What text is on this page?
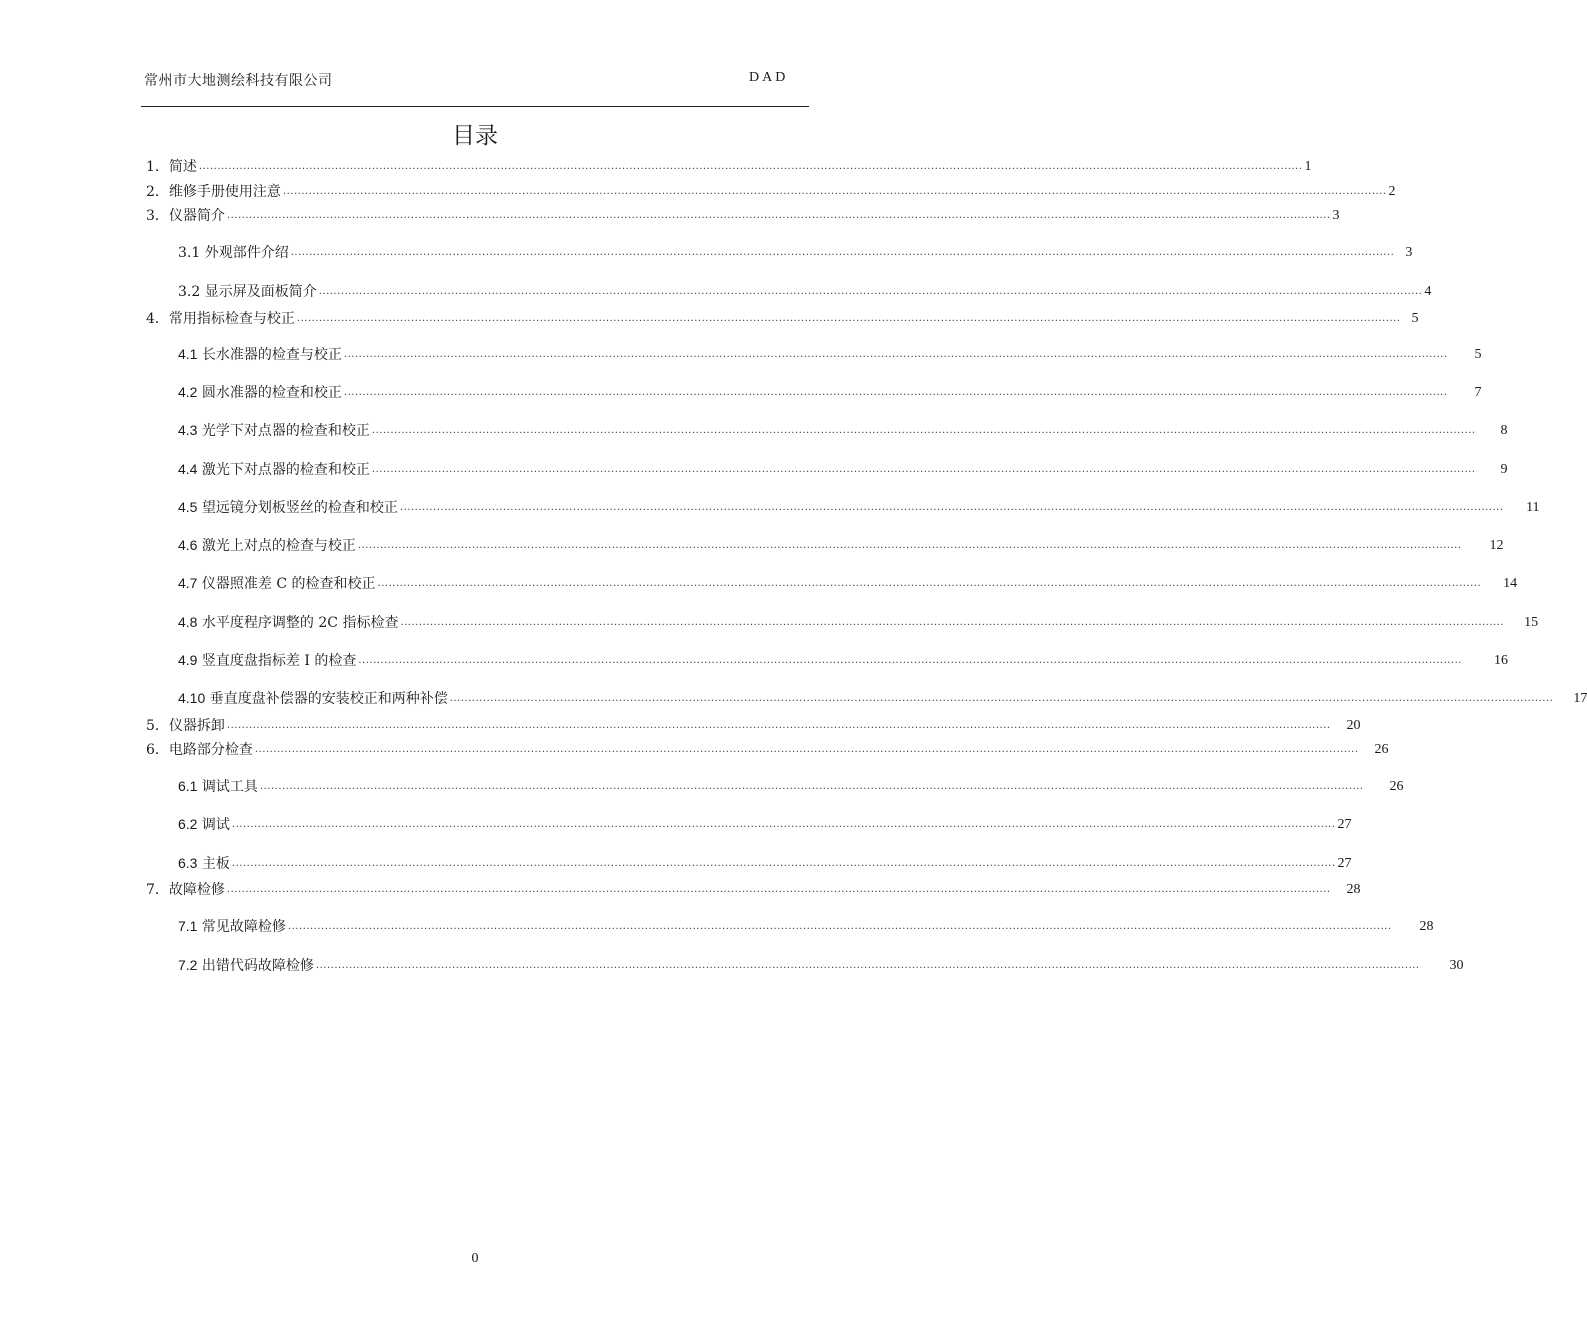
常州市大地测绘科技有限公司	DAD
目录
1．简述 ............................................................................................................................................................................................................................................................................................................ 1
2．维修手册使用注意 ............................................................................................................................................................................................................................................................................................................ 2
3．仪器简介 ............................................................................................................................................................................................................................................................................................................ 3
3.1 外观部件介绍 ............................................................................................................................................................................................................................................................................................................ 3
3.2 显示屏及面板简介 ............................................................................................................................................................................................................................................................................................................ 4
4．常用指标检查与校正 ............................................................................................................................................................................................................................................................................................................ 5
4.1 长水准器的检查与校正 ............................................................................................................................................................................................................................................................................................................	5
4.2 圆水准器的检查和校正 ............................................................................................................................................................................................................................................................................................................	7
4.3 光学下对点器的检查和校正 ............................................................................................................................................................................................................................................................................................................	8
4.4 激光下对点器的检查和校正 ............................................................................................................................................................................................................................................................................................................	9
4.5 望远镜分划板竖丝的检查和校正 ............................................................................................................................................................................................................................................................................................................	11
4.6 激光上对点的检查与校正 ............................................................................................................................................................................................................................................................................................................	12
4.7 仪器照准差 C 的检查和校正 ............................................................................................................................................................................................................................................................................................................	14
4.8 水平度程序调整的 2C 指标检查 ............................................................................................................................................................................................................................................................................................................	15
4.9 竖直度盘指标差 I 的检查 ............................................................................................................................................................................................................................................................................................................	16
4.10 垂直度盘补偿器的安装校正和两种补偿 ............................................................................................................................................................................................................................................................................................................	17
5．仪器拆卸 ............................................................................................................................................................................................................................................................................................................	20
6．电路部分检查 ............................................................................................................................................................................................................................................................................................................	26
6.1 调试工具 ............................................................................................................................................................................................................................................................................................................	26
6.2 调试 ............................................................................................................................................................................................................................................................................................................ 27
6.3 主板 ............................................................................................................................................................................................................................................................................................................ 27
7．故障检修 ............................................................................................................................................................................................................................................................................................................	28
7.1 常见故障检修 ............................................................................................................................................................................................................................................................................................................	28
7.2 出错代码故障检修 ............................................................................................................................................................................................................................................................................................................	30
0
